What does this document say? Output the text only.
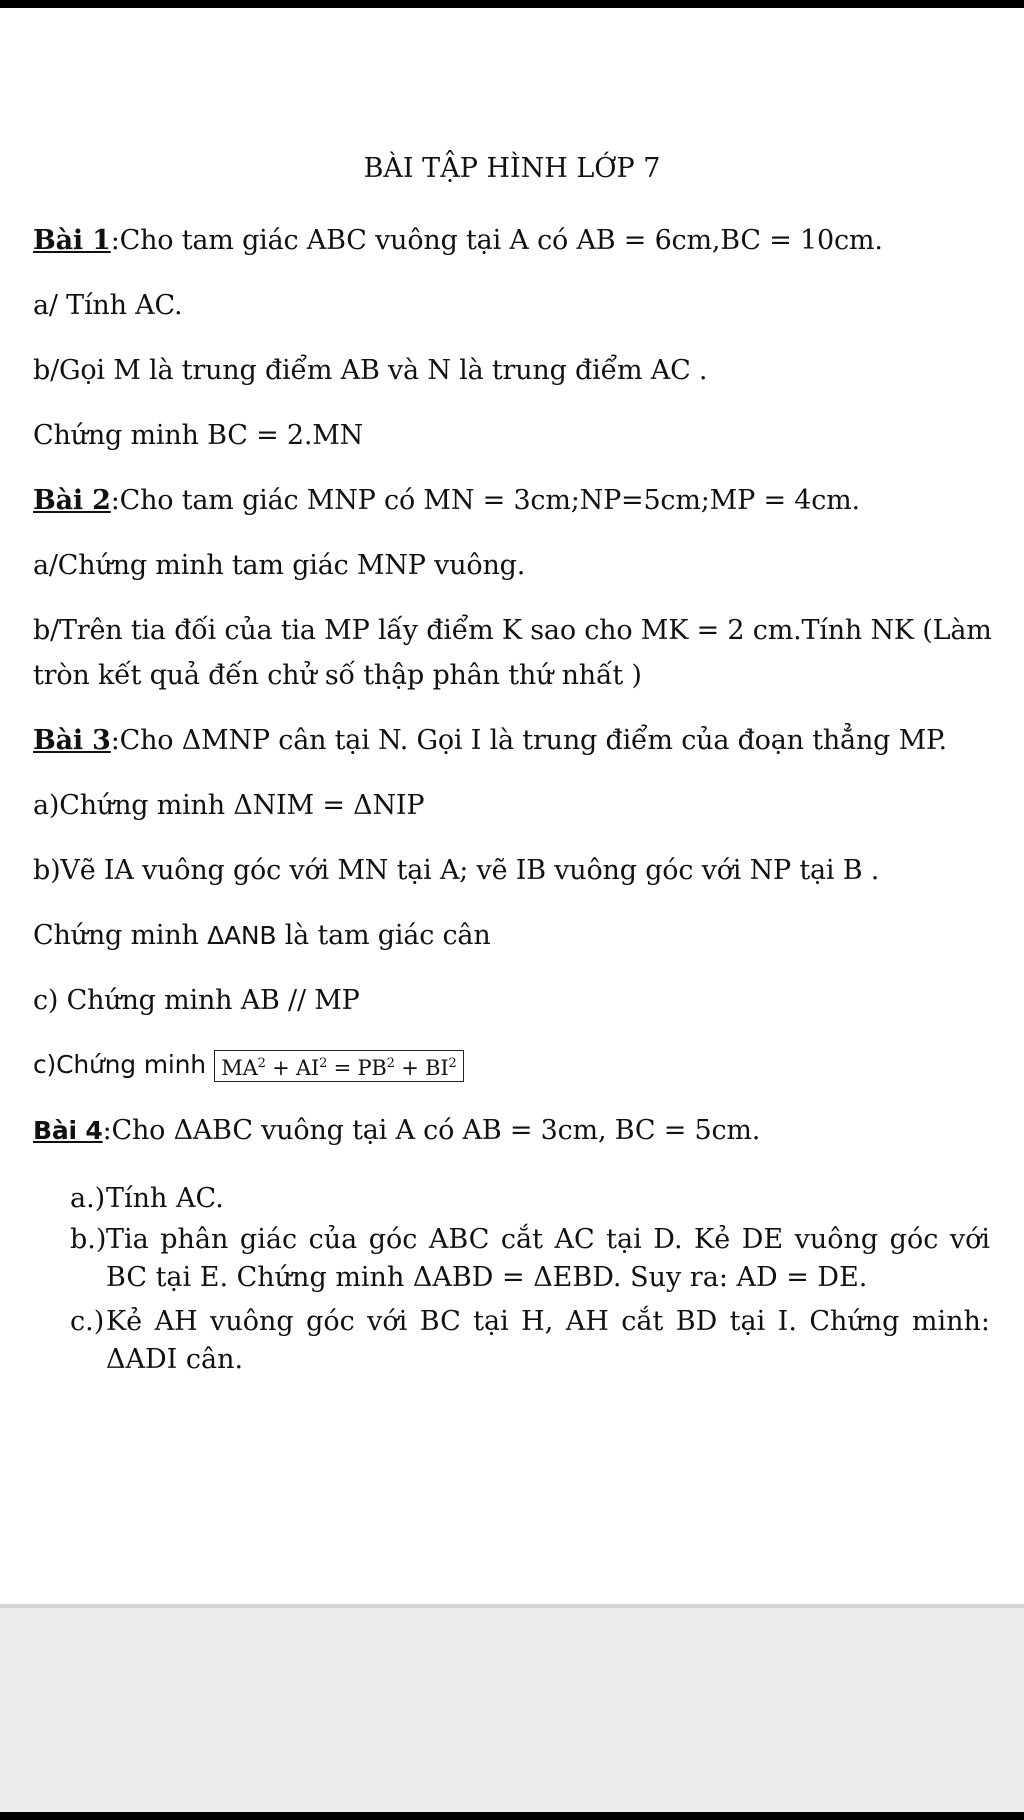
BÀI TẬP HÌNH LỚP 7
Bài 1:Cho tam giác ABC vuông tại A có AB = 6cm,BC = 10cm.
a/ Tính AC.
b/Gọi M là trung điểm AB và N là trung điểm AC .
Chứng minh BC = 2.MN
Bài 2:Cho tam giác MNP có MN = 3cm;NP=5cm;MP = 4cm.
a/Chứng minh tam giác MNP vuông.
b/Trên tia đối của tia MP lấy điểm K sao cho MK = 2 cm.Tính NK (Làm
tròn kết quả đến chử số thập phân thứ nhất )
Bài 3:Cho ΔMNP cân tại N. Gọi I là trung điểm của đoạn thẳng MP.
a)Chứng minh ΔNIM = ΔNIP
b)Vẽ IA vuông góc với MN tại A; vẽ IB vuông góc với NP tại B .
Chứng minh ΔANB là tam giác cân
c) Chứng minh AB // MP
c)Chứng minh $MA^2 + AI^2 = PB^2 + BI^2$
Bài 4:Cho ΔABC vuông tại A có AB = 3cm, BC = 5cm.
a.) Tính AC.
b.) Tia phân giác của góc ABC cắt AC tại D. Kẻ DE vuông góc với BC tại E. Chứng minh ΔABD = ΔEBD. Suy ra: AD = DE.
c.) Kẻ AH vuông góc với BC tại H, AH cắt BD tại I. Chứng minh: ΔADI cân.
